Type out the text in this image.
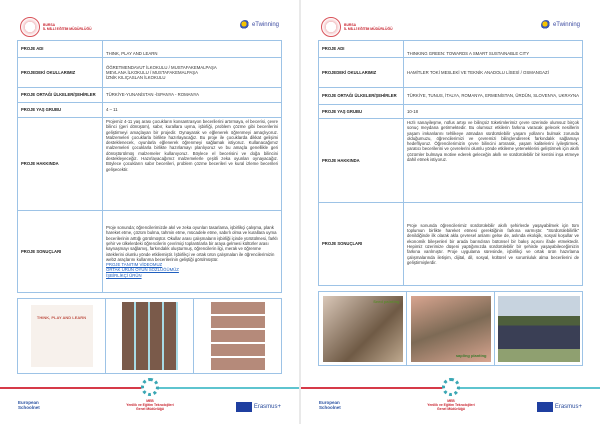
BURSA
İL MİLLİ EĞİTİM MÜDÜRLÜĞÜ
eTwinning
PROJE ADI	THINK, PLAY AND LEARN
PROJEDEKİ OKULLARIMIZ	ÖĞRETMENDAVUT İLKOKULU / MUSTAFAKEMALPAŞA
MEVLANA İLKOKULU / MUSTAFAKEMALPAŞA
İZNİK KILIÇASLAN İLKOKULU

PROJE ORTAĞI ÜLKELER/ŞEHİRLER	TÜRKİYE-YUNANİSTAN -İSPANYA - ROMANYA
PROJE YAŞ GRUBU	4 – 11
PROJE HAKKINDA	Projemiz 4-11 yaş arası çocukların konsantrasyon becerilerini artırmaya, el becerisi, çevre bilinci (geri dönüşüm), sabır, kurallara uyma, işbirliği, problem çözme gibi becerilerini geliştirmeyi amaçlayan bir projedir. Oynayarak ve eğlenerek öğrenmeyi amaçlıyoruz. Malzemeleri çocuklarla birlikte hazırlayacağız. Bu proje ile çocuklarda dikkat gelişimi desteklenecek, oyunlarla eğlenerek öğrenmeyi sağlamak istiyoruz. Kullanacağımız malzemeleri çocuklarla birlikte hazırlamayı planlıyoruz ve bu amaçla genellikle geri dönüştürülmüş malzemeler kullanıyoruz. Böylece el becerisini ve doğa bilincini destekleyeceğiz. Hazırlayacağımız malzemelerle çeşitli zeka oyunları oynayacağız. Böylece çocukların sabır becerileri, problem çözme becerileri ve kural izleme becerileri gelişecektir.
PROJE SONUÇLARI	Proje sonunda; öğrencilerimizde akıl ve zeka oyunları tasarlama, işbirlikçi çalışma, plank hareket etme, çözüm bulma, tahmin etme, mücadele etme, sabırlı olma ve kurallara uyma becerilerinin arttığı görülmüştür. Okullar arası çalışmaların işbirliği içinde yürütülmesi, farklı şehir ve ülkelerdeki öğrencilerin çevrimiçi toplantılarla bir araya gelmesi kültürler arası kaynaşmayı sağlamış, farkındalık oluşturmuş, öğrencilerin ilgi, merak ve öğrenme isteklerini olumlu yönde etkilemiştir. İşbirlikçi ve ortak ürün çalışmaları ile öğrencilerimizin web2 araçlarını kullanma becerilerinin geliştiği görülmüştür.
PROJE TANITIM VİDEOMUZ
ORTAK ÜRÜN OYUN SÖZLÜĞÜMÜZ
İŞBİRLİKÇİ ÜRÜN
THINK, PLAY AND LEARN
European
Schoolnet
MEB
Yenilik ve Eğitim Teknolojileri
Genel Müdürlüğü	Erasmus+
BURSA
İL MİLLİ EĞİTİM MÜDÜRLÜĞÜ
eTwinning
PROJE ADI	THINKING GREEN: TOWARDS A SMART SUSTAINABLE CITY
PROJEDEKİ OKULLARIMIZ	HAMİTLER TOKİ MESLEKİ VE TEKNİK ANADOLU LİSESİ / OSMANGAZİ
PROJE ORTAĞI ÜLKELER/ŞEHİRLER	TÜRKİYE, TUNUS, İTALYA, ROMANYA, ERMENİSTAN, ÜRDÜN, SLOVENYA, UKRAYNA
PROJE YAŞ GRUBU	10-18
PROJE HAKKINDA	Hızlı sanayileşme, nüfus artışı ve bilinçsiz tüketimlerimiz çevre üzerinde olumsuz birçok sonuç meydana getirmektedir. Bu olumsuz etkilerin farkına varacak gelecek nesillerin yaşam imkanlarını tehlikeye atmadan sürdürülebilir yaşam yollarını bulmak zorunda olduğumuzu, öğrencilerimizi ve çevremizi bilinçlendirerek farkındalık sağlamayı hedefliyoruz. Öğrencilerimizin çevre bilincini artırarak, yaşam kalitelerini iyileştirmek, yaratıcı becerilerini ve çevrelerini olumlu yönde etkileme yeteneklerini geliştirmek için akıllı çözümler bulmaya motive ederek geleceğin akıllı ve sürdürülebilir bir kentini inşa etmeye dahil etmek istiyoruz.
PROJE SONUÇLARI	Proje sonunda öğrencilerimiz sürdürülebilir akıllı şehirlerde yaşayabilmek için tüm toplumun birlikte hareket etmesi gerektiğinin farkına varmıştır. “Sürdürülebilirlik” denildiğinde ilk olarak akla çevresel anlamı gelse de, aslında ekolojik, sosyal koşullar ve ekonomik bileşenleri bir arada barındıran bütünsel bir bakış açısını ifade etmektedir. Hepimiz üzerimize düşeni yaptığımızda sürdürülebilir bir şehirde yaşayabileceğimizin farkına varılmıştır. Proje uygulama süresinde, işbirlikçi ve ortak ürün hazırlama çalışmalarında iletişim, dijital, dil, sosyal, kültürel ve sorumluluk alma becerilerini de geliştirmişlerdir.
Seed painting
sapling planting
European
Schoolnet
MEB
Yenilik ve Eğitim Teknolojileri
Genel Müdürlüğü	Erasmus+
